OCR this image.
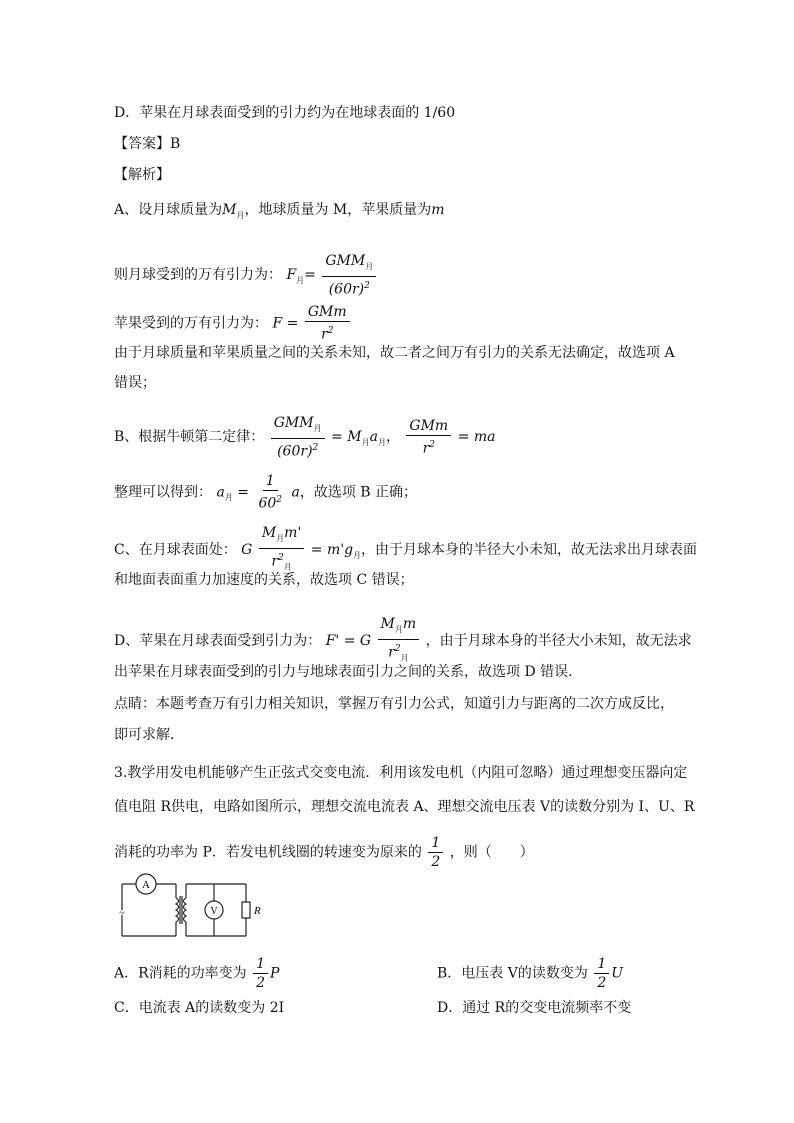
D．苹果在月球表面受到的引力约为在地球表面的 1/60
【答案】B
【解析】
A、设月球质量为$M_月$，地球质量为 M，苹果质量为m
则月球受到的万有引力为： $F_月= \frac{GMM_月}{(60r)^2}$
苹果受到的万有引力为： $F = \frac{\text{GMm}}{r^2}$
由于月球质量和苹果质量之间的关系未知，故二者之间万有引力的关系无法确定，故选项 A
错误；
B、根据牛顿第二定律： $\frac{GMM_月}{(60r)^2} = M_月a_月$， $\frac{\text{GMm}}{r^2}$ = ma
整理可以得到： $a_月 = \frac{1}{60^2}$ a，故选项 B 正确；
C、在月球表面处： G $\frac{M_月m'}{r^2_月} = m'g_月$，由于月球本身的半径大小未知，故无法求出月球表面
和地面表面重力加速度的关系，故选项 C 错误；
D、苹果在月球表面受到引力为： F' = G $\frac{M_月m}{r^2_月}$ ，由于月球本身的半径大小未知，故无法求
出苹果在月球表面受到的引力与地球表面引力之间的关系，故选项 D 错误．
点睛：本题考查万有引力相关知识，掌握万有引力公式，知道引力与距离的二次方成反比，
即可求解．
3.教学用发电机能够产生正弦式交变电流．利用该发电机（内阻可忽略）通过理想变压器向定
值电阻 R供电，电路如图所示，理想交流电流表 A、理想交流电压表 V的读数分别为 I、U、R
消耗的功率为 P．若发电机线圈的转速变为原来的 $\frac{1}{2}$ ，则（　　）
A
V	R
~
A．R消耗的功率变为 $\frac{1}{2}$ P	B．电压表 V的读数变为 $\frac{1}{2}$ U
C．电流表 A的读数变为 2I	D．通过 R的交变电流频率不变
